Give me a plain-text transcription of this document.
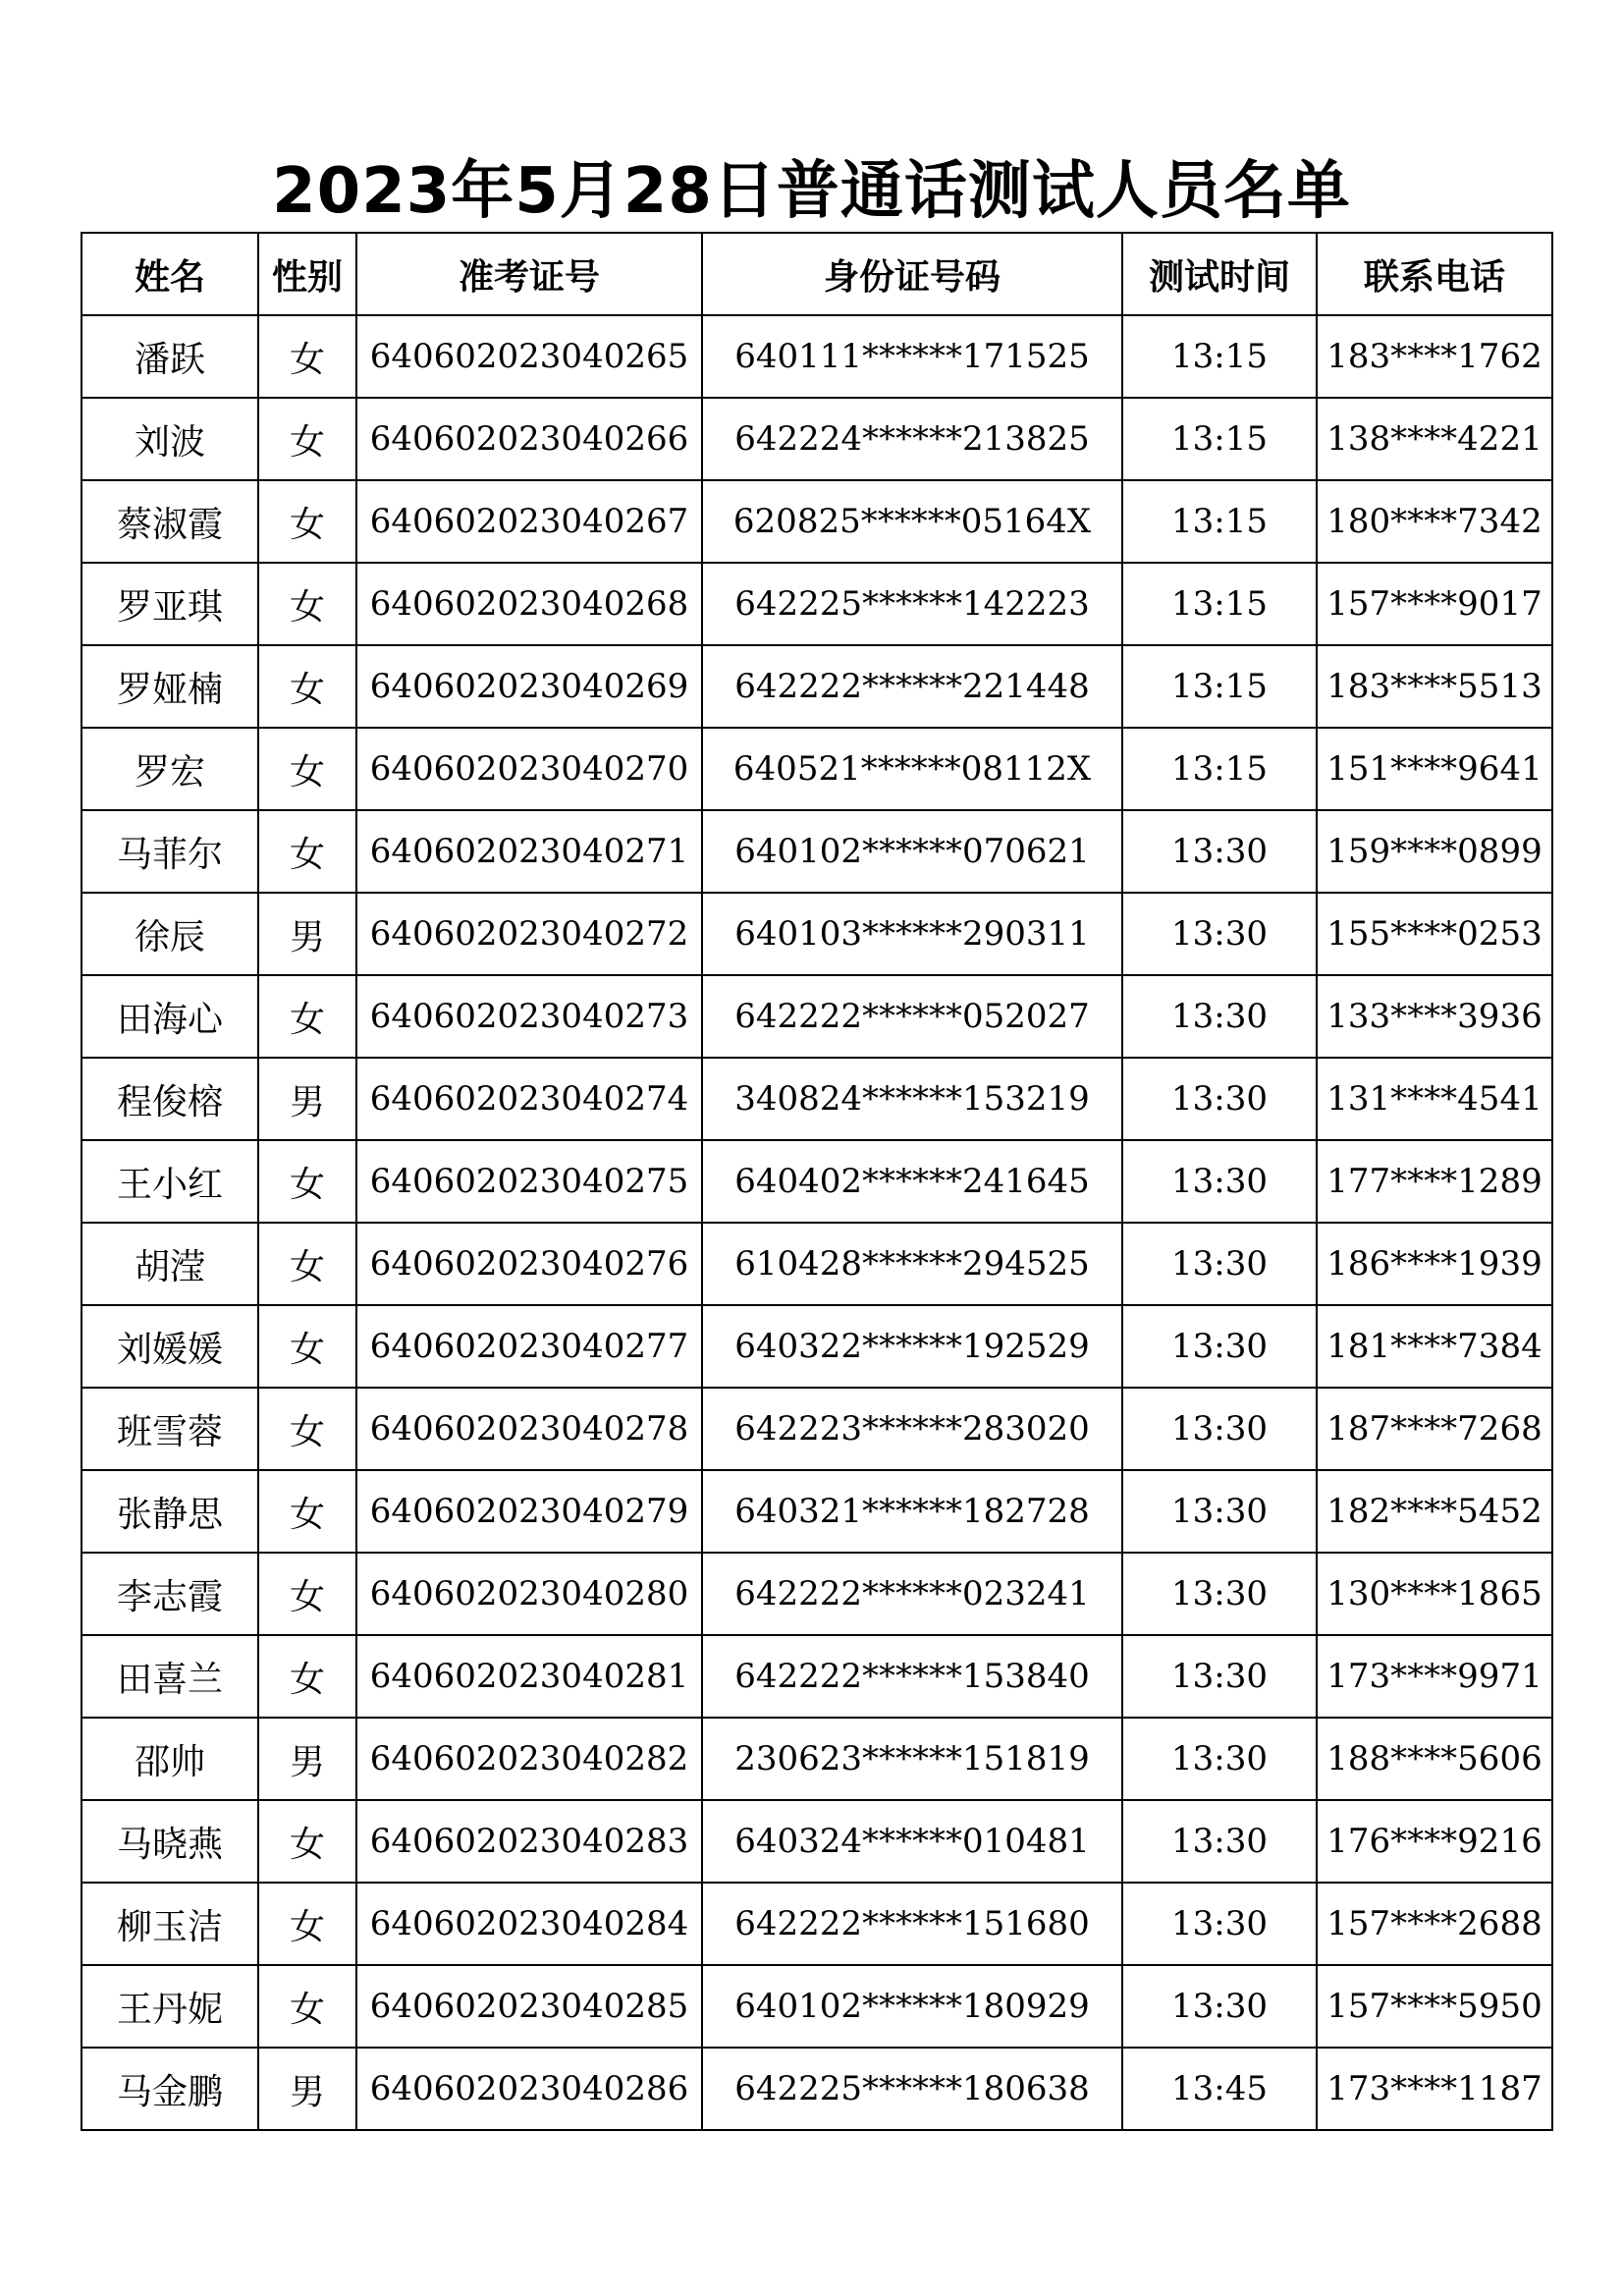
2023年5月28日普通话测试人员名单
姓名	性别	准考证号	身份证号码	测试时间	联系电话
潘跃	女	640602023040265	640111******171525	13:15	183****1762
刘波	女	640602023040266	642224******213825	13:15	138****4221
蔡淑霞	女	640602023040267	620825******05164X	13:15	180****7342
罗亚琪	女	640602023040268	642225******142223	13:15	157****9017
罗娅楠	女	640602023040269	642222******221448	13:15	183****5513
罗宏	女	640602023040270	640521******08112X	13:15	151****9641
马菲尔	女	640602023040271	640102******070621	13:30	159****0899
徐辰	男	640602023040272	640103******290311	13:30	155****0253
田海心	女	640602023040273	642222******052027	13:30	133****3936
程俊榕	男	640602023040274	340824******153219	13:30	131****4541
王小红	女	640602023040275	640402******241645	13:30	177****1289
胡滢	女	640602023040276	610428******294525	13:30	186****1939
刘媛媛	女	640602023040277	640322******192529	13:30	181****7384
班雪蓉	女	640602023040278	642223******283020	13:30	187****7268
张静思	女	640602023040279	640321******182728	13:30	182****5452
李志霞	女	640602023040280	642222******023241	13:30	130****1865
田喜兰	女	640602023040281	642222******153840	13:30	173****9971
邵帅	男	640602023040282	230623******151819	13:30	188****5606
马晓燕	女	640602023040283	640324******010481	13:30	176****9216
柳玉洁	女	640602023040284	642222******151680	13:30	157****2688
王丹妮	女	640602023040285	640102******180929	13:30	157****5950
马金鹏	男	640602023040286	642225******180638	13:45	173****1187
